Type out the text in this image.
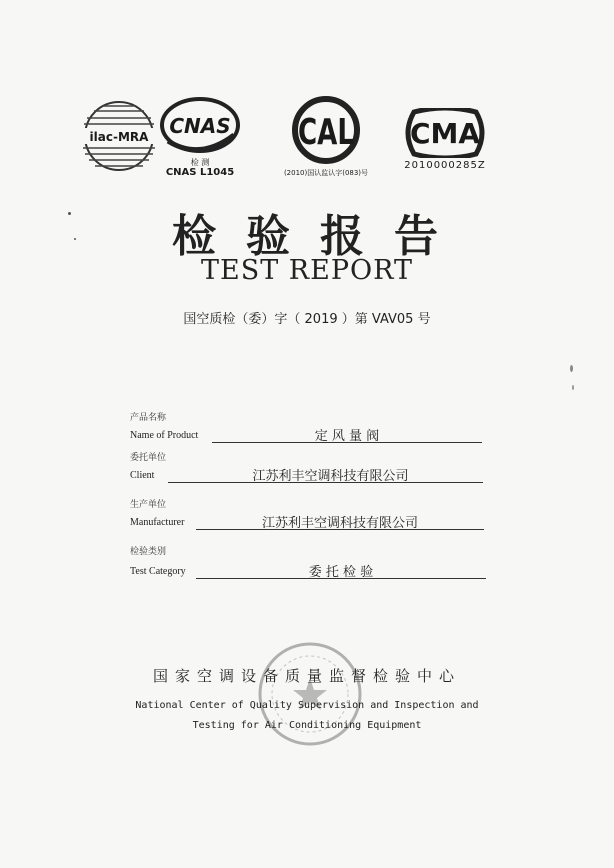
ilac-MRA CNAS
检 测
CNAS L1045
CAL
(2010)国认监认字(083)号
CMA
2010000285Z
检验报告
TEST REPORT
国空质检（委）字（ 2019 ）第 VAV05 号
产品名称
Name of Product	定 风 量 阀
委托单位
Client	江苏利丰空调科技有限公司
生产单位
Manufacturer	江苏利丰空调科技有限公司
检验类别
Test Category	委 托 检 验
国家空调设备质量监督检验中心
National Center of Quality Supervision and Inspection and
Testing for Air Conditioning Equipment
